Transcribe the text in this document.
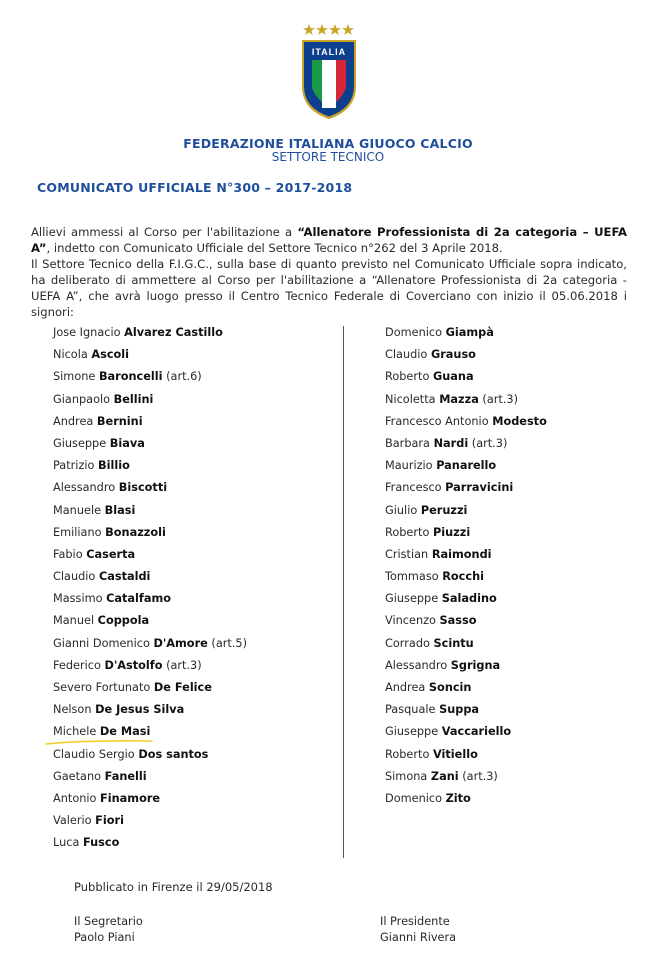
ITALIA
FEDERAZIONE ITALIANA GIUOCO CALCIO
SETTORE TECNICO
COMUNICATO UFFICIALE N°300 – 2017-2018

Allievi ammessi al Corso per l'abilitazione a “Allenatore Professionista di 2a categoria – UEFA A”, indetto con Comunicato Ufficiale del Settore Tecnico n°262 del 3 Aprile 2018.

Il Settore Tecnico della F.I.G.C., sulla base di quanto previsto nel Comunicato Ufficiale sopra indicato, ha deliberato di ammettere al Corso per l'abilitazione a “Allenatore Professionista di 2a categoria - UEFA A”, che avrà luogo presso il Centro Tecnico Federale di Coverciano con inizio il 05.06.2018 i signori:

Jose Ignacio Alvarez Castillo
Nicola Ascoli
Simone Baroncelli (art.6)
Gianpaolo Bellini
Andrea Bernini
Giuseppe Biava
Patrizio Billio
Alessandro Biscotti
Manuele Blasi
Emiliano Bonazzoli
Fabio Caserta
Claudio Castaldi
Massimo Catalfamo
Manuel Coppola
Gianni Domenico D'Amore (art.5)
Federico D'Astolfo (art.3)
Severo Fortunato De Felice
Nelson De Jesus Silva
Michele De Masi
Claudio Sergio Dos santos
Gaetano Fanelli
Antonio Finamore
Valerio Fiori
Luca Fusco
Domenico Giampà
Claudio Grauso
Roberto Guana
Nicoletta Mazza (art.3)
Francesco Antonio Modesto
Barbara Nardi (art.3)
Maurizio Panarello
Francesco Parravicini
Giulio Peruzzi
Roberto Piuzzi
Cristian Raimondi
Tommaso Rocchi
Giuseppe Saladino
Vincenzo Sasso
Corrado Scintu
Alessandro Sgrigna
Andrea Soncin
Pasquale Suppa
Giuseppe Vaccariello
Roberto Vitiello
Simona Zani (art.3)
Domenico Zito
Pubblicato in Firenze il 29/05/2018
Il Segretario
Paolo Piani
Il Presidente
Gianni Rivera
